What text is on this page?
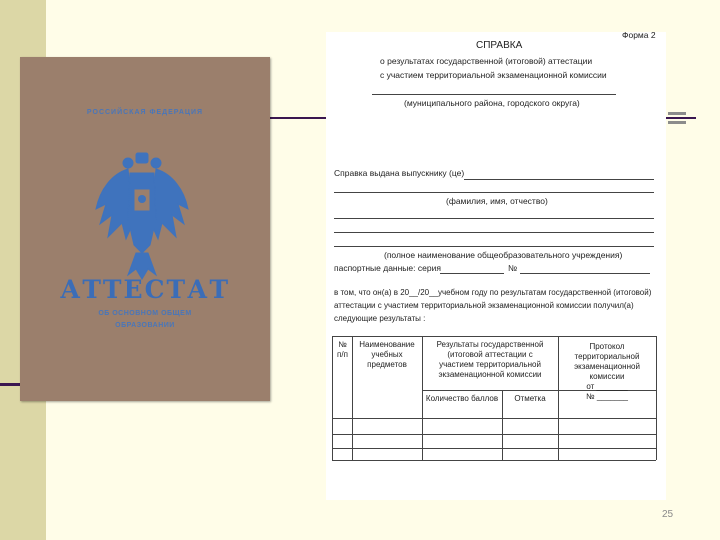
РОССИЙСКАЯ ФЕДЕРАЦИЯ
АТТЕСТАТ
ОБ ОСНОВНОМ ОБЩЕМ
ОБРАЗОВАНИИ
Форма 2
СПРАВКА
о результатах государственной (итоговой) аттестации
с участием территориальной экзаменационной комиссии
(муниципального района, городского округа)
Справка выдана выпускнику (це)
(фамилия, имя, отчество)
(полное наименование общеобразовательного учреждения)
паспортные данные: серия	№
в том, что он(а) в 20__/20__учебном году по результатам государственной (итоговой)
аттестации с участием территориальной экзаменационной комиссии получил(а)
следующие результаты :
№
п/п
Наименование
учебных
предметов
Результаты государственной
(итоговой аттестации с
участием территориальной
экзаменационной комиссии
Протокол
территориальной
экзаменационной
комиссии
от _______
№ _______
Количество баллов	Отметка
25
